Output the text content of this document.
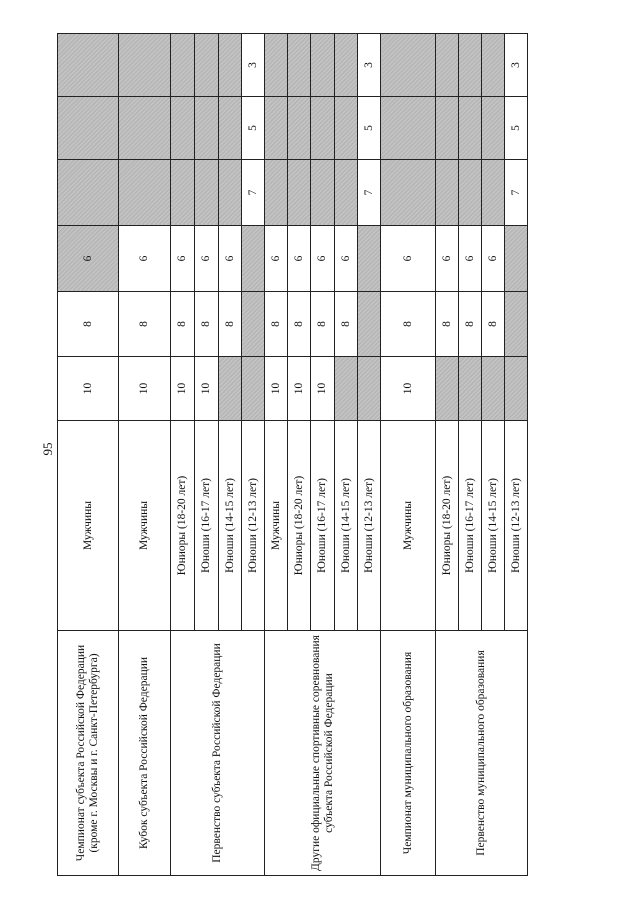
95
Чемпионат субъекта Российской Федерации (кроме г. Москвы и г. Санкт-Петербурга)	Мужчины	10	8	6			
Кубок субъекта Российской Федерации	Мужчины	10	8	6			
Первенство субъекта Российской Федерации	Юниоры (18-20 лет)	10	8	6			
	Юноши (16-17 лет)	10	8	6			
	Юноши (14-15 лет)		8	6			
	Юноши (12-13 лет)				7	5	3
Другие официальные спортивные соревнования субъекта Российской Федерации	Мужчины	10	8	6			
	Юниоры (18-20 лет)	10	8	6			
	Юноши (16-17 лет)	10	8	6			
	Юноши (14-15 лет)		8	6			
	Юноши (12-13 лет)				7	5	3
Чемпионат муниципального образования	Мужчины	10	8	6			
Первенство муниципального образования	Юниоры (18-20 лет)		8	6			
	Юноши (16-17 лет)		8	6			
	Юноши (14-15 лет)		8	6			
	Юноши (12-13 лет)				7	5	3
